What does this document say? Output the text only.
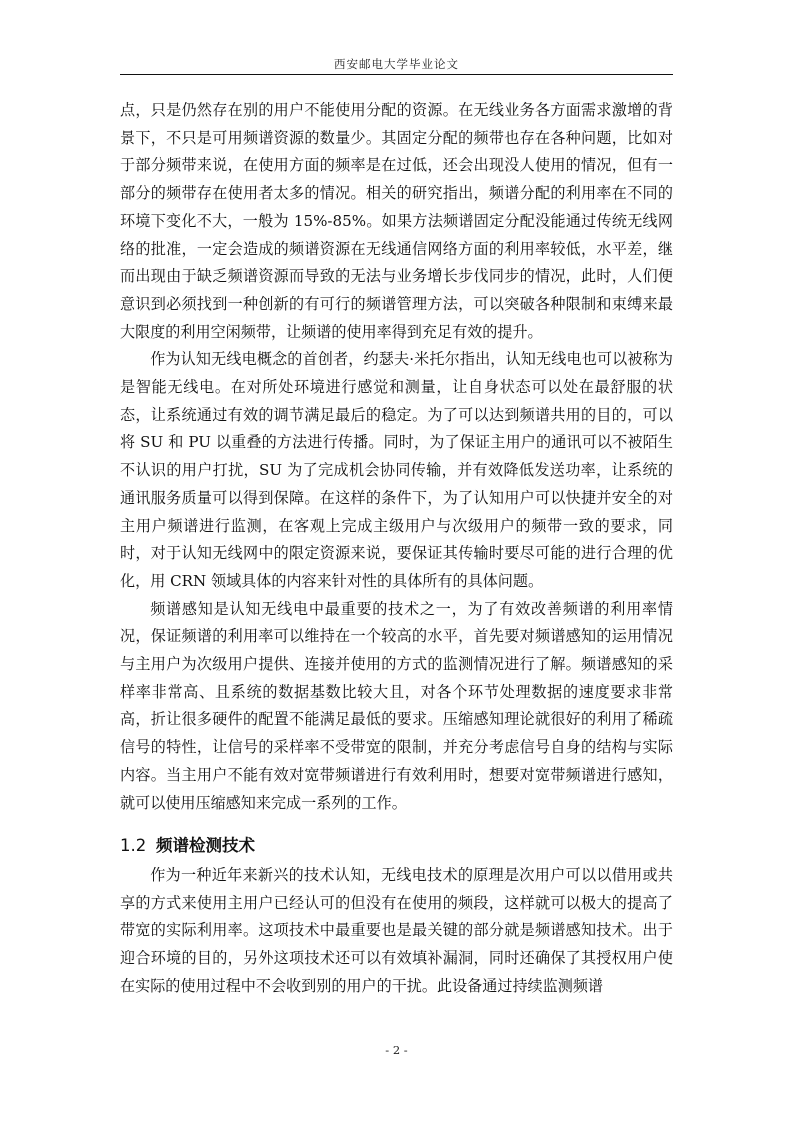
西安邮电大学毕业论文

点，只是仍然存在别的用户不能使用分配的资源。在无线业务各方面需求激增的背景下，不只是可用频谱资源的数量少。其固定分配的频带也存在各种问题，比如对于部分频带来说，在使用方面的频率是在过低，还会出现没人使用的情况，但有一部分的频带存在使用者太多的情况。相关的研究指出，频谱分配的利用率在不同的环境下变化不大，一般为 15%-85%。如果方法频谱固定分配没能通过传统无线网络的批准，一定会造成的频谱资源在无线通信网络方面的利用率较低，水平差，继而出现由于缺乏频谱资源而导致的无法与业务增长步伐同步的情况，此时，人们便意识到必须找到一种创新的有可行的频谱管理方法，可以突破各种限制和束缚来最大限度的利用空闲频带，让频谱的使用率得到充足有效的提升。

作为认知无线电概念的首创者，约瑟夫·米托尔指出，认知无线电也可以被称为是智能无线电。在对所处环境进行感觉和测量，让自身状态可以处在最舒服的状态，让系统通过有效的调节满足最后的稳定。为了可以达到频谱共用的目的，可以将 SU 和 PU 以重叠的方法进行传播。同时，为了保证主用户的通讯可以不被陌生不认识的用户打扰，SU 为了完成机会协同传输，并有效降低发送功率，让系统的通讯服务质量可以得到保障。在这样的条件下，为了认知用户可以快捷并安全的对主用户频谱进行监测，在客观上完成主级用户与次级用户的频带一致的要求，同时，对于认知无线网中的限定资源来说，要保证其传输时要尽可能的进行合理的优化，用 CRN 领域具体的内容来针对性的具体所有的具体问题。

频谱感知是认知无线电中最重要的技术之一，为了有效改善频谱的利用率情况，保证频谱的利用率可以维持在一个较高的水平，首先要对频谱感知的运用情况与主用户为次级用户提供、连接并使用的方式的监测情况进行了解。频谱感知的采样率非常高、且系统的数据基数比较大且，对各个环节处理数据的速度要求非常高，折让很多硬件的配置不能满足最低的要求。压缩感知理论就很好的利用了稀疏信号的特性，让信号的采样率不受带宽的限制，并充分考虑信号自身的结构与实际内容。当主用户不能有效对宽带频谱进行有效利用时，想要对宽带频谱进行感知，就可以使用压缩感知来完成一系列的工作。

1.2 频谱检测技术

作为一种近年来新兴的技术认知，无线电技术的原理是次用户可以以借用或共享的方式来使用主用户已经认可的但没有在使用的频段，这样就可以极大的提高了带宽的实际利用率。这项技术中最重要也是最关键的部分就是频谱感知技术。出于迎合环境的目的，另外这项技术还可以有效填补漏洞，同时还确保了其授权用户使在实际的使用过程中不会收到别的用户的干扰。此设备通过持续监测频谱

- 2 -
